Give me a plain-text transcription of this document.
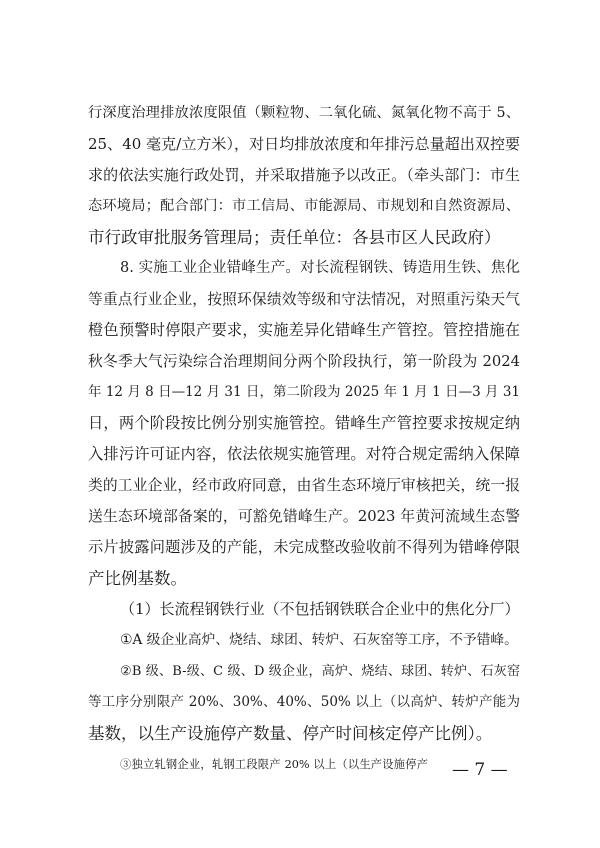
行深度治理排放浓度限值（颗粒物、二氧化硫、氮氧化物不高于 5、
25、40 毫克/立方米），对日均排放浓度和年排污总量超出双控要
求的依法实施行政处罚，并采取措施予以改正。（牵头部门：市生
态环境局；配合部门：市工信局、市能源局、市规划和自然资源局、
市行政审批服务管理局；责任单位：各县市区人民政府）
8. 实施工业企业错峰生产。对长流程钢铁、铸造用生铁、焦化
等重点行业企业，按照环保绩效等级和守法情况，对照重污染天气
橙色预警时停限产要求，实施差异化错峰生产管控。管控措施在
秋冬季大气污染综合治理期间分两个阶段执行，第一阶段为 2024
年 12 月 8 日—12 月 31 日，第二阶段为 2025 年 1 月 1 日—3 月 31
日，两个阶段按比例分别实施管控。错峰生产管控要求按规定纳
入排污许可证内容，依法依规实施管理。对符合规定需纳入保障
类的工业企业，经市政府同意，由省生态环境厅审核把关，统一报
送生态环境部备案的，可豁免错峰生产。2023 年黄河流域生态警
示片披露问题涉及的产能，未完成整改验收前不得列为错峰停限
产比例基数。
（1）长流程钢铁行业（不包括钢铁联合企业中的焦化分厂）
①A 级企业高炉、烧结、球团、转炉、石灰窑等工序，不予错峰。
②B 级、B-级、C 级、D 级企业，高炉、烧结、球团、转炉、石灰窑
等工序分别限产 20%、30%、40%、50% 以上（以高炉、转炉产能为
基数，以生产设施停产数量、停产时间核定停产比例）。
③独立轧钢企业，轧钢工段限产 20% 以上（以生产设施停产 — 7 —
